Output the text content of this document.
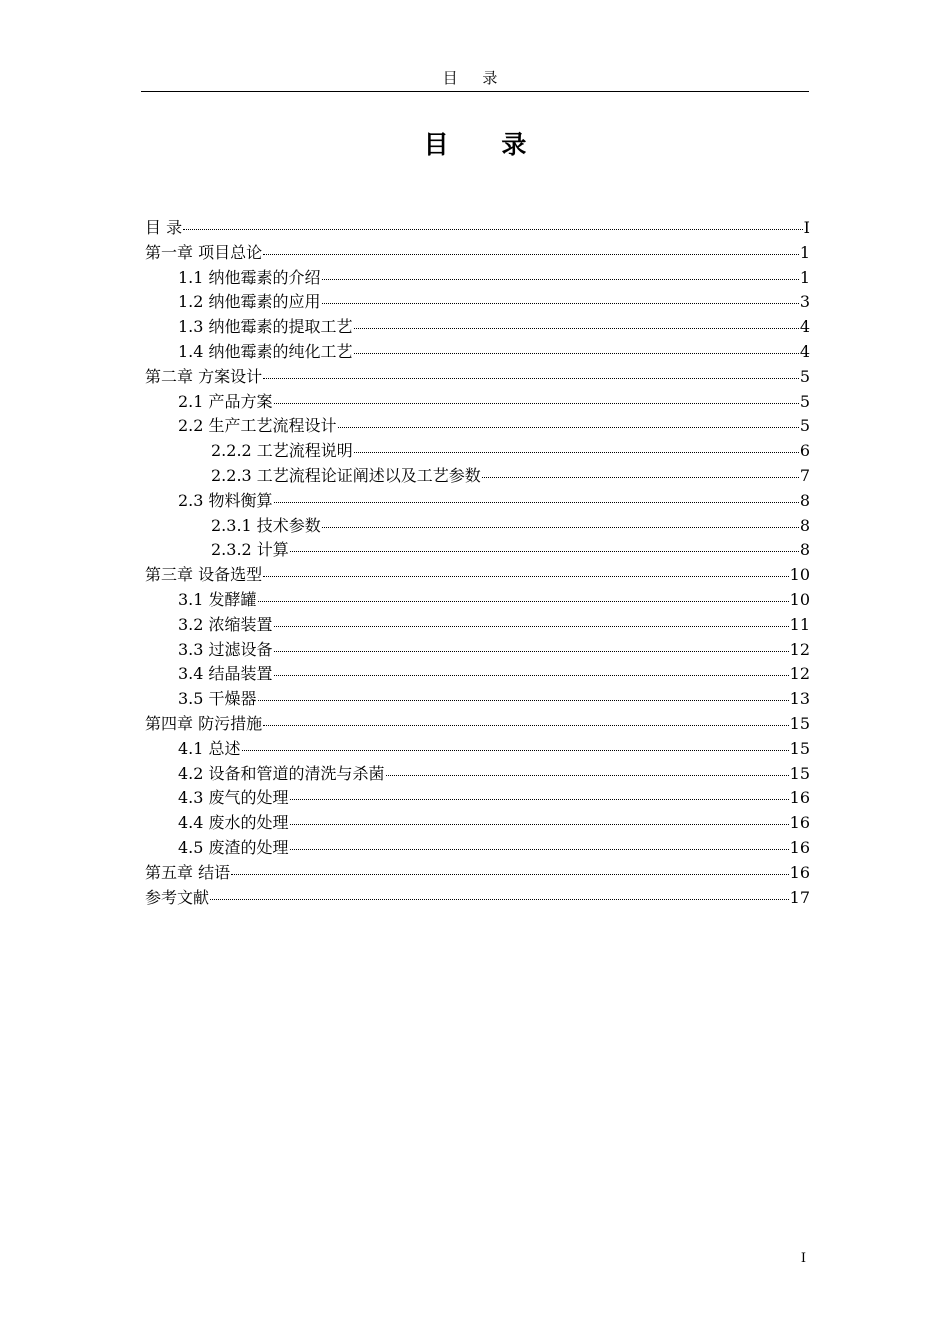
目 录
目 录
目 录	I
第一章 项目总论	1
1.1 纳他霉素的介绍	1
1.2 纳他霉素的应用	3
1.3 纳他霉素的提取工艺	4
1.4 纳他霉素的纯化工艺	4
第二章 方案设计	5
2.1 产品方案	5
2.2 生产工艺流程设计	5
2.2.2 工艺流程说明	6
2.2.3 工艺流程论证阐述以及工艺参数	7
2.3 物料衡算	8
2.3.1 技术参数	8
2.3.2 计算	8
第三章 设备选型	10
3.1 发酵罐	10
3.2 浓缩装置	11
3.3 过滤设备	12
3.4 结晶装置	12
3.5 干燥器	13
第四章 防污措施	15
4.1 总述	15
4.2 设备和管道的清洗与杀菌	15
4.3 废气的处理	16
4.4 废水的处理	16
4.5 废渣的处理	16
第五章 结语	16
参考文献	17
I
